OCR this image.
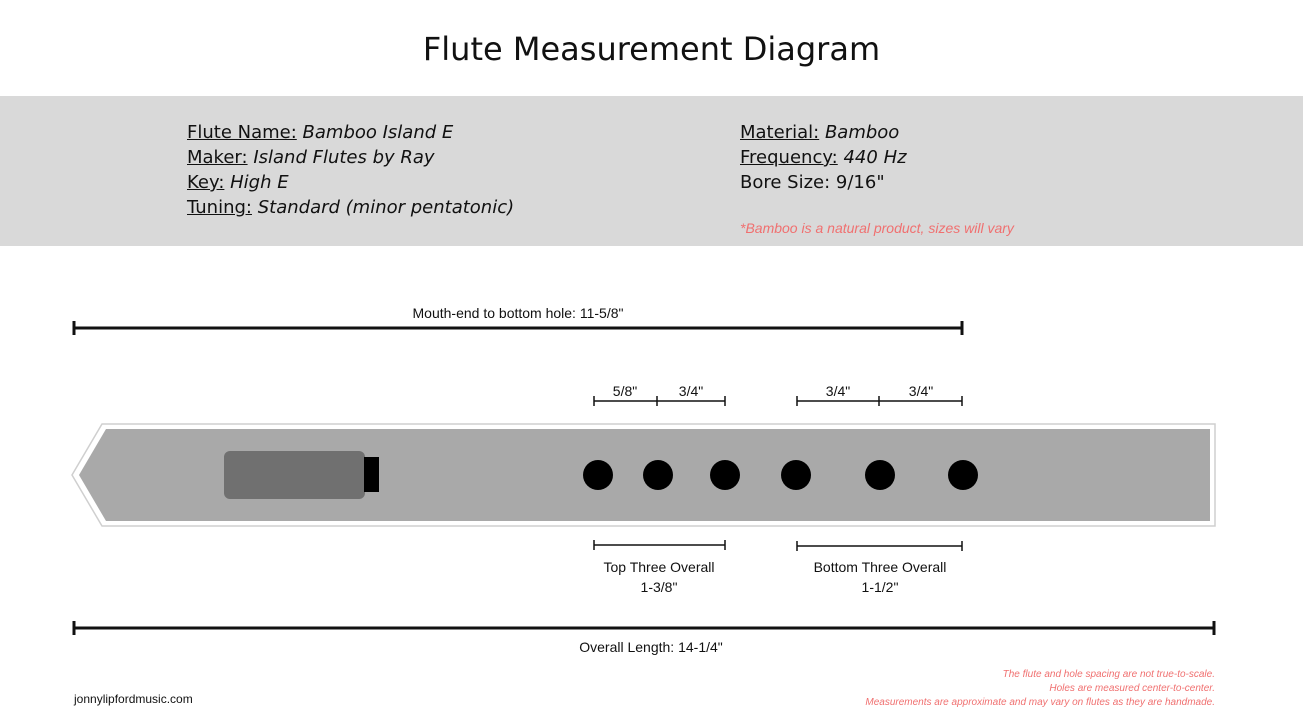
Flute Measurement Diagram
Flute Name: Bamboo Island E
Maker: Island Flutes by Ray
Key: High E
Tuning: Standard (minor pentatonic)
Material: Bamboo
Frequency: 440 Hz
Bore Size: 9/16"
*Bamboo is a natural product, sizes will vary
Mouth-end to bottom hole: 11-5/8"
5/8"	3/4"	3/4"	3/4"
Top Three Overall
1-3/8"
Bottom Three Overall
1-1/2"
Overall Length: 14-1/4"
jonnylipfordmusic.com
The flute and hole spacing are not true-to-scale.
Holes are measured center-to-center.
Measurements are approximate and may vary on flutes as they are handmade.
